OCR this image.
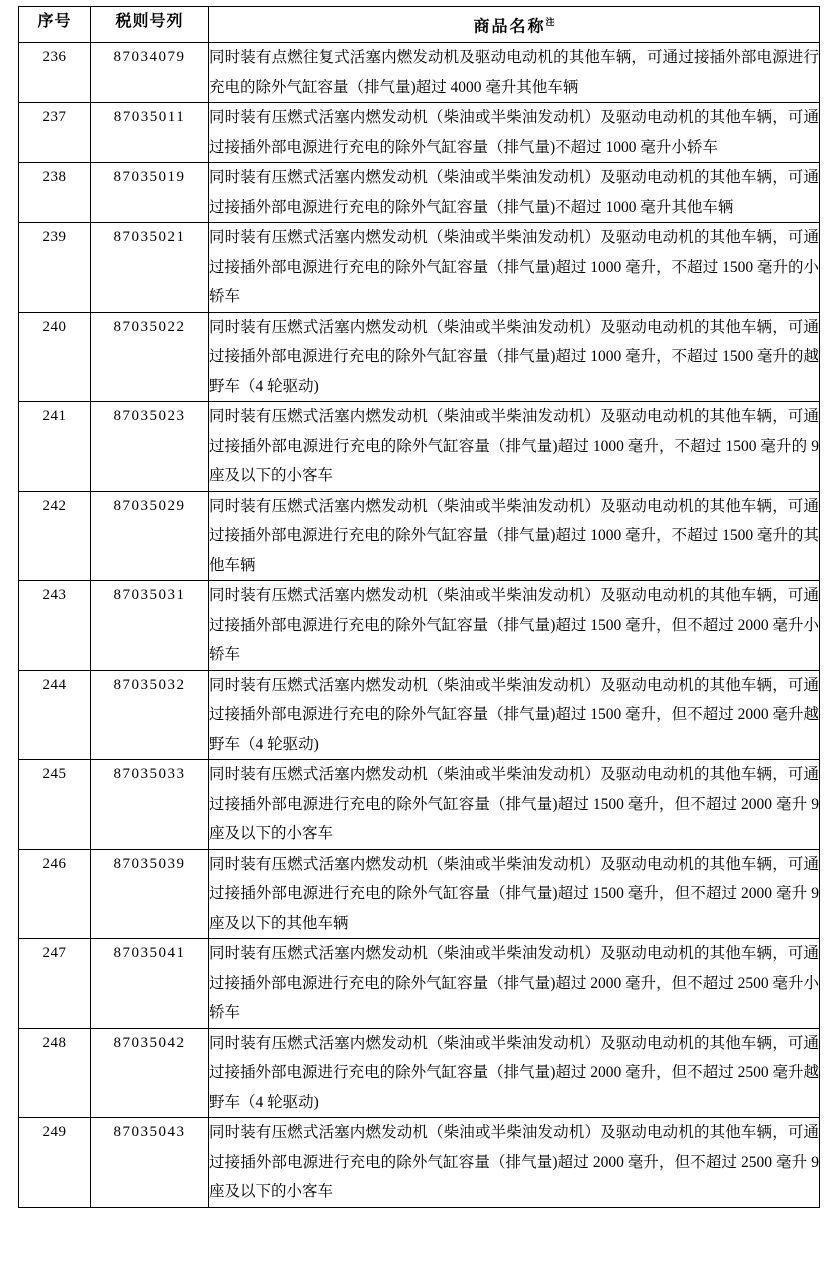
序号	税则号列	商品名称$^注$
236	87034079	同时装有点燃往复式活塞内燃发动机及驱动电动机的其他车辆，可通过接插外部电源进行充电的除外气缸容量（排气量)超过 4000 毫升其他车辆
237	87035011	同时装有压燃式活塞内燃发动机（柴油或半柴油发动机）及驱动电动机的其他车辆，可通过接插外部电源进行充电的除外气缸容量（排气量)不超过 1000 毫升小轿车
238	87035019	同时装有压燃式活塞内燃发动机（柴油或半柴油发动机）及驱动电动机的其他车辆，可通过接插外部电源进行充电的除外气缸容量（排气量)不超过 1000 毫升其他车辆
239	87035021	同时装有压燃式活塞内燃发动机（柴油或半柴油发动机）及驱动电动机的其他车辆，可通过接插外部电源进行充电的除外气缸容量（排气量)超过 1000 毫升，不超过 1500 毫升的小轿车
240	87035022	同时装有压燃式活塞内燃发动机（柴油或半柴油发动机）及驱动电动机的其他车辆，可通过接插外部电源进行充电的除外气缸容量（排气量)超过 1000 毫升，不超过 1500 毫升的越野车（4 轮驱动)
241	87035023	同时装有压燃式活塞内燃发动机（柴油或半柴油发动机）及驱动电动机的其他车辆，可通过接插外部电源进行充电的除外气缸容量（排气量)超过 1000 毫升，不超过 1500 毫升的 9 座及以下的小客车
242	87035029	同时装有压燃式活塞内燃发动机（柴油或半柴油发动机）及驱动电动机的其他车辆，可通过接插外部电源进行充电的除外气缸容量（排气量)超过 1000 毫升，不超过 1500 毫升的其他车辆
243	87035031	同时装有压燃式活塞内燃发动机（柴油或半柴油发动机）及驱动电动机的其他车辆，可通过接插外部电源进行充电的除外气缸容量（排气量)超过 1500 毫升，但不超过 2000 毫升小轿车
244	87035032	同时装有压燃式活塞内燃发动机（柴油或半柴油发动机）及驱动电动机的其他车辆，可通过接插外部电源进行充电的除外气缸容量（排气量)超过 1500 毫升，但不超过 2000 毫升越野车（4 轮驱动)
245	87035033	同时装有压燃式活塞内燃发动机（柴油或半柴油发动机）及驱动电动机的其他车辆，可通过接插外部电源进行充电的除外气缸容量（排气量)超过 1500 毫升，但不超过 2000 毫升 9 座及以下的小客车
246	87035039	同时装有压燃式活塞内燃发动机（柴油或半柴油发动机）及驱动电动机的其他车辆，可通过接插外部电源进行充电的除外气缸容量（排气量)超过 1500 毫升，但不超过 2000 毫升 9 座及以下的其他车辆
247	87035041	同时装有压燃式活塞内燃发动机（柴油或半柴油发动机）及驱动电动机的其他车辆，可通过接插外部电源进行充电的除外气缸容量（排气量)超过 2000 毫升，但不超过 2500 毫升小轿车
248	87035042	同时装有压燃式活塞内燃发动机（柴油或半柴油发动机）及驱动电动机的其他车辆，可通过接插外部电源进行充电的除外气缸容量（排气量)超过 2000 毫升，但不超过 2500 毫升越野车（4 轮驱动)
249	87035043	同时装有压燃式活塞内燃发动机（柴油或半柴油发动机）及驱动电动机的其他车辆，可通过接插外部电源进行充电的除外气缸容量（排气量)超过 2000 毫升，但不超过 2500 毫升 9 座及以下的小客车
